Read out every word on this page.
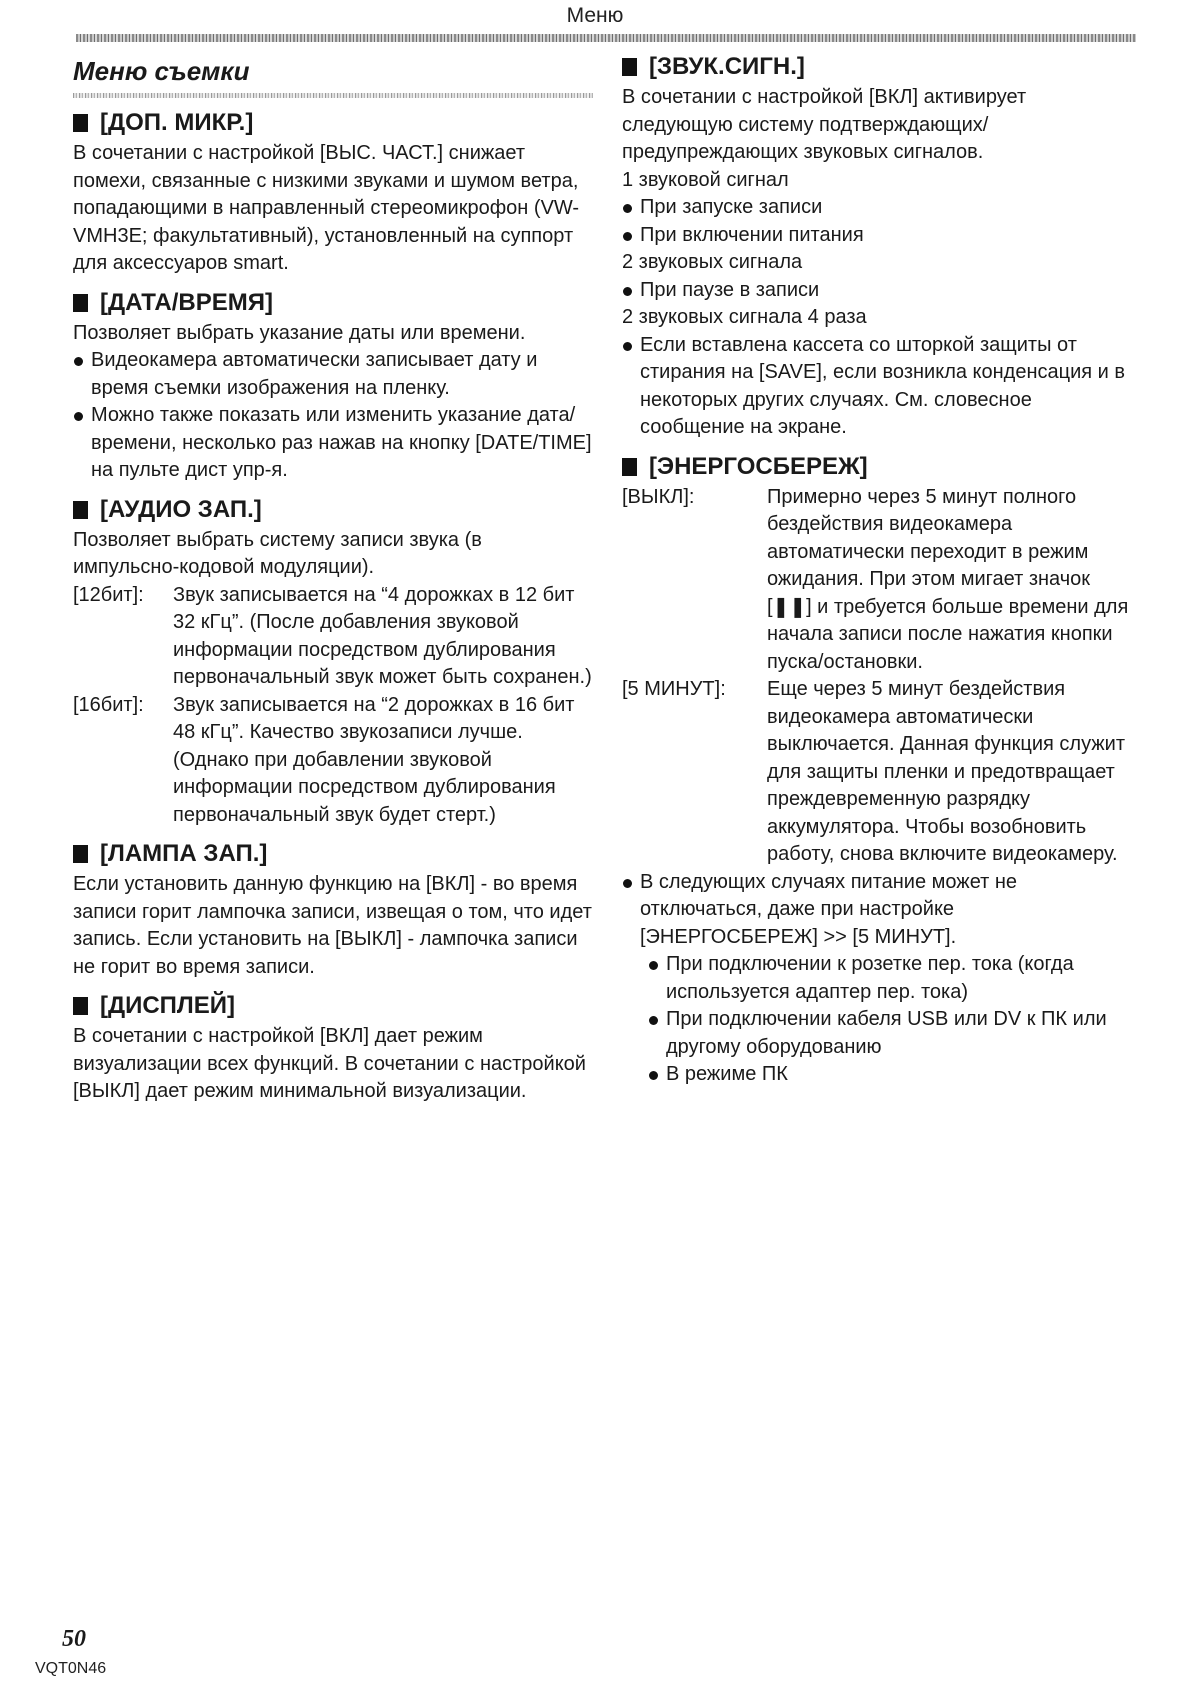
Меню
Меню съемки
[ДОП. МИКР.]
В сочетании с настройкой [ВЫС. ЧАСТ.] снижает помехи, связанные с низкими звуками и шумом ветра, попадающими в направленный стереомикрофон (VW-VMH3E; факультативный), установленный на суппорт для аксессуаров smart.
[ДАТА/ВРЕМЯ]
Позволяет выбрать указание даты или времени.
Видеокамера автоматически записывает дату и время съемки изображения на пленку.
Можно также показать или изменить указание дата/времени, несколько раз нажав на кнопку [DATE/TIME] на пульте дист упр-я.
[АУДИО ЗАП.]
Позволяет выбрать систему записи звука (в импульсно-кодовой модуляции).
[12бит]:	Звук записывается на “4 дорожках в 12 бит 32 кГц”. (После добавления звуковой информации посредством дублирования первоначальный звук может быть сохранен.)
[16бит]:	Звук записывается на “2 дорожках в 16 бит 48 кГц”. Качество звукозаписи лучше. (Однако при добавлении звуковой информации посредством дублирования первоначальный звук будет стерт.)
[ЛАМПА ЗАП.]
Если установить данную функцию на [ВКЛ] - во время записи горит лампочка записи, извещая о том, что идет запись. Если установить на [ВЫКЛ] - лампочка записи не горит во время записи.
[ДИСПЛЕЙ]
В сочетании с настройкой [ВКЛ] дает режим визуализации всех функций. В сочетании с настройкой [ВЫКЛ] дает режим минимальной визуализации.
[ЗВУК.СИГН.]
В сочетании с настройкой [ВКЛ] активирует следующую систему подтверждающих/ предупреждающих звуковых сигналов.
1 звуковой сигнал
При запуске записи
При включении питания
2 звуковых сигнала
При паузе в записи
2 звуковых сигнала 4 раза
Если вставлена кассета со шторкой защиты от стирания на [SAVE], если возникла конденсация и в некоторых других случаях. См. словесное сообщение на экране.
[ЭНЕРГОСБЕРЕЖ]
[ВЫКЛ]:	Примерно через 5 минут полного бездействия видеокамера автоматически переходит в режим ожидания. При этом мигает значок [❚❚] и требуется больше времени для начала записи после нажатия кнопки пуска/остановки.
[5 МИНУТ]:	Еще через 5 минут бездействия видеокамера автоматически выключается. Данная функция служит для защиты пленки и предотвращает преждевременную разрядку аккумулятора. Чтобы возобновить работу, снова включите видеокамеру.
В следующих случаях питание может не отключаться, даже при настройке [ЭНЕРГОСБЕРЕЖ] >> [5 МИНУТ].
При подключении к розетке пер. тока (когда используется адаптер пер. тока)
При подключении кабеля USB или DV к ПК или другому оборудованию
В режиме ПК
50
VQT0N46
